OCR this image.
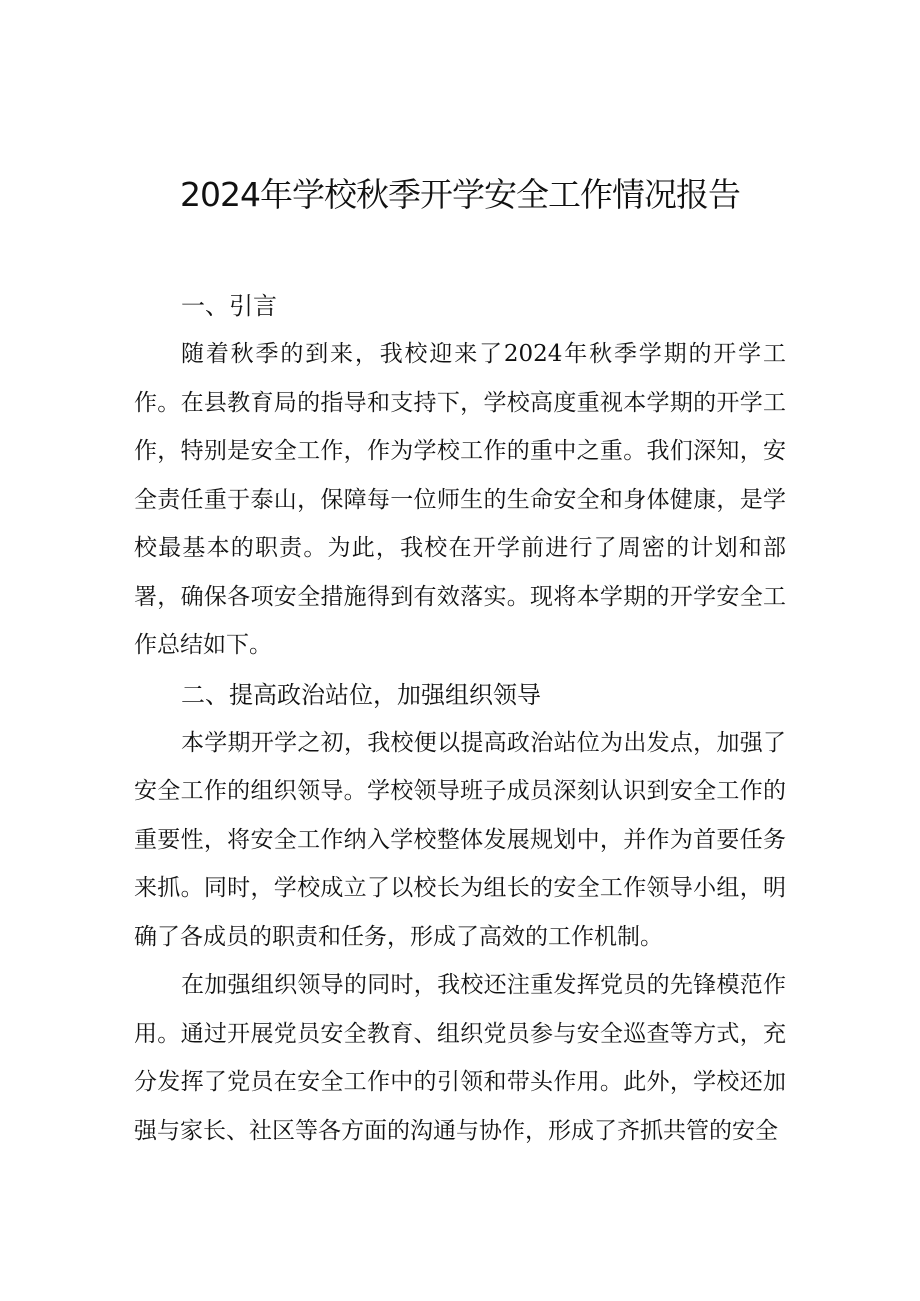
2024年学校秋季开学安全工作情况报告
一、引言

随着秋季的到来，我校迎来了2024年秋季学期的开学工作。在县教育局的指导和支持下，学校高度重视本学期的开学工作，特别是安全工作，作为学校工作的重中之重。我们深知，安全责任重于泰山，保障每一位师生的生命安全和身体健康，是学校最基本的职责。为此，我校在开学前进行了周密的计划和部署，确保各项安全措施得到有效落实。现将本学期的开学安全工作总结如下。

二、提高政治站位，加强组织领导

本学期开学之初，我校便以提高政治站位为出发点，加强了安全工作的组织领导。学校领导班子成员深刻认识到安全工作的重要性，将安全工作纳入学校整体发展规划中，并作为首要任务来抓。同时，学校成立了以校长为组长的安全工作领导小组，明确了各成员的职责和任务，形成了高效的工作机制。

在加强组织领导的同时，我校还注重发挥党员的先锋模范作用。通过开展党员安全教育、组织党员参与安全巡查等方式，充分发挥了党员在安全工作中的引领和带头作用。此外，学校还加强与家长、社区等各方面的沟通与协作，形成了齐抓共管的安全
